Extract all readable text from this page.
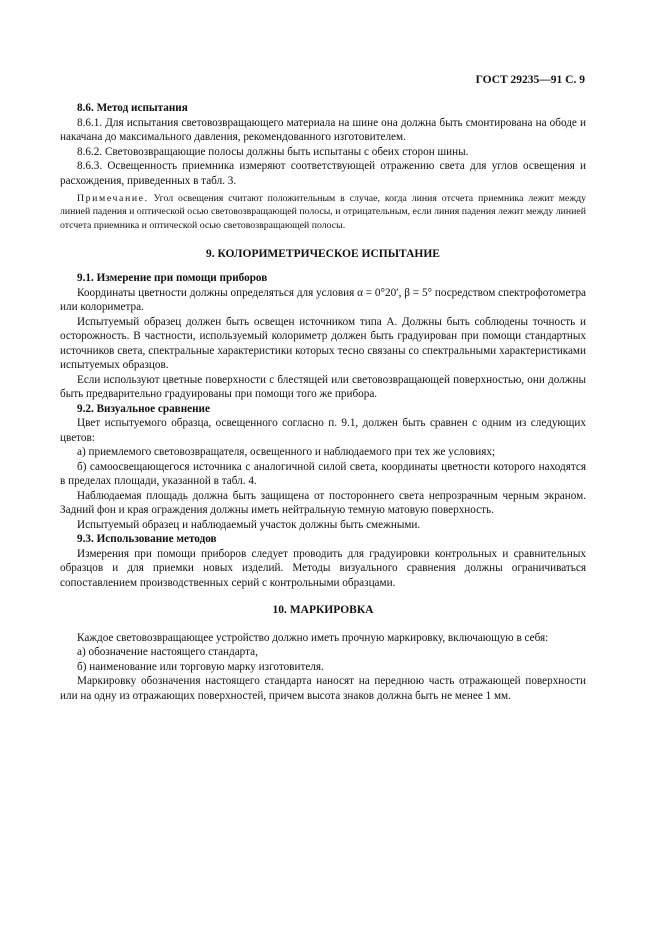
ГОСТ 29235—91 С. 9

8.6. Метод испытания

8.6.1. Для испытания световозвращающего материала на шине она должна быть смонтирована на ободе и накачана до максимального давления, рекомендованного изготовителем.

8.6.2. Световозвращающие полосы должны быть испытаны с обеих сторон шины.

8.6.3. Освещенность приемника измеряют соответствующей отражению света для углов освещения и расхождения, приведенных в табл. 3.

Примечание. Угол освещения считают положительным в случае, когда линия отсчета приемника лежит между линией падения и оптической осью световозвращающей полосы, и отрицательным, если линия падения лежит между линией отсчета приемника и оптической осью световозвращающей полосы.

9. КОЛОРИМЕТРИЧЕСКОЕ ИСПЫТАНИЕ

9.1. Измерение при помощи приборов

Координаты цветности должны определяться для условия α = 0°20′, β = 5° посредством спектрофотометра или колориметра.

Испытуемый образец должен быть освещен источником типа А. Должны быть соблюдены точность и осторожность. В частности, используемый колориметр должен быть градуирован при помощи стандартных источников света, спектральные характеристики которых тесно связаны со спектральными характеристиками испытуемых образцов.

Если используют цветные поверхности с блестящей или световозвращающей поверхностью, они должны быть предварительно градуированы при помощи того же прибора.

9.2. Визуальное сравнение

Цвет испытуемого образца, освещенного согласно п. 9.1, должен быть сравнен с одним из следующих цветов:

а) приемлемого световозвращателя, освещенного и наблюдаемого при тех же условиях;

б) самоосвещающегося источника с аналогичной силой света, координаты цветности которого находятся в пределах площади, указанной в табл. 4.

Наблюдаемая площадь должна быть защищена от постороннего света непрозрачным черным экраном. Задний фон и края ограждения должны иметь нейтральную темную матовую поверхность.

Испытуемый образец и наблюдаемый участок должны быть смежными.

9.3. Использование методов

Измерения при помощи приборов следует проводить для градуировки контрольных и сравнительных образцов и для приемки новых изделий. Методы визуального сравнения должны ограничиваться сопоставлением производственных серий с контрольными образцами.

10. МАРКИРОВКА

Каждое световозвращающее устройство должно иметь прочную маркировку, включающую в себя:

а) обозначение настоящего стандарта,

б) наименование или торговую марку изготовителя.

Маркировку обозначения настоящего стандарта наносят на переднюю часть отражающей поверхности или на одну из отражающих поверхностей, причем высота знаков должна быть не менее 1 мм.
